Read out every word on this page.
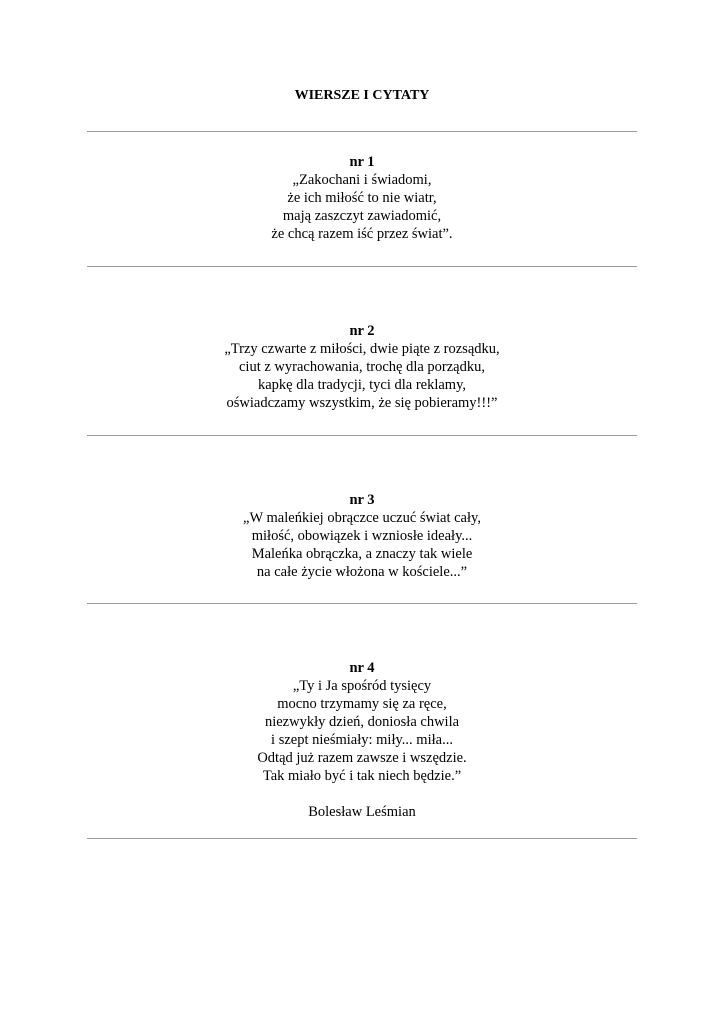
WIERSZE I CYTATY
nr 1
„Zakochani i świadomi,
że ich miłość to nie wiatr,
mają zaszczyt zawiadomić,
że chcą razem iść przez świat”.
nr 2
„Trzy czwarte z miłości, dwie piąte z rozsądku,
ciut z wyrachowania, trochę dla porządku,
kapkę dla tradycji, tyci dla reklamy,
oświadczamy wszystkim, że się pobieramy!!!”
nr 3
„W maleńkiej obrączce uczuć świat cały,
miłość, obowiązek i wzniosłe ideały...
Maleńka obrączka, a znaczy tak wiele
na całe życie włożona w kościele...”
nr 4
„Ty i Ja spośród tysięcy
mocno trzymamy się za ręce,
niezwykły dzień, doniosła chwila
i szept nieśmiały: miły... miła...
Odtąd już razem zawsze i wszędzie.
Tak miało być i tak niech będzie.”
Bolesław Leśmian
